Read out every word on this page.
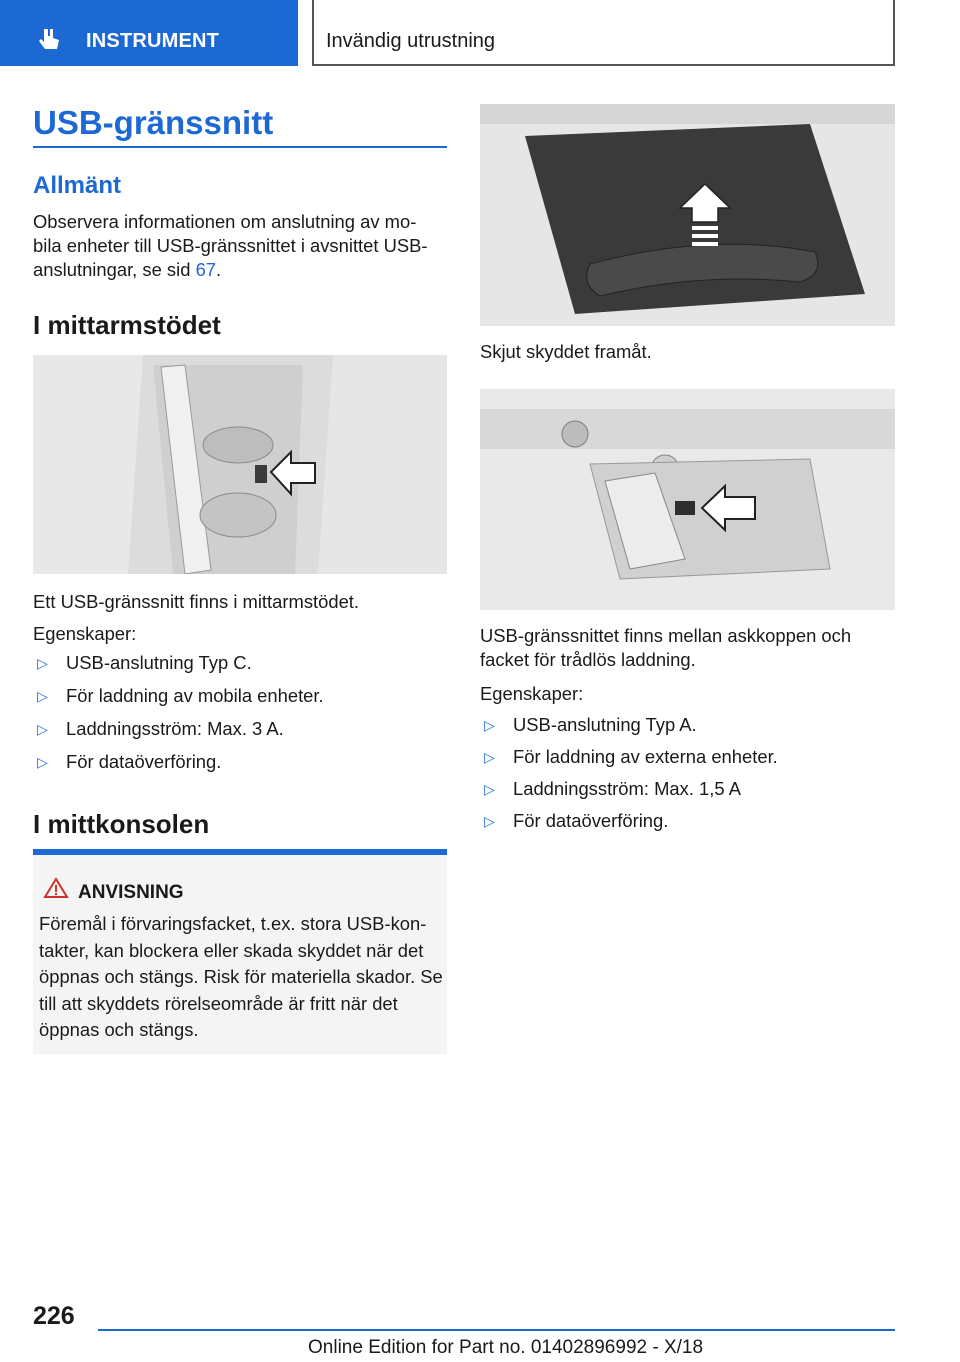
INSTRUMENT	Invändig utrustning
USB-gränssnitt
Allmänt
Observera informationen om anslutning av mo-
bila enheter till USB-gränssnittet i avsnittet USB-
anslutningar, se sid 67.
I mittarmstödet
Ett USB-gränssnitt finns i mittarmstödet.
Egenskaper:
▷ USB-anslutning Typ C.
▷ För laddning av mobila enheter.
▷ Laddningsström: Max. 3 A.
▷ För dataöverföring.
I mittkonsolen
ANVISNING
Föremål i förvaringsfacket, t.ex. stora USB-kon-takter, kan blockera eller skada skyddet när det öppnas och stängs. Risk för materiella skador. Se till att skyddets rörelseområde är fritt när det öppnas och stängs.
Skjut skyddet framåt.
USB-gränssnittet finns mellan askkoppen och
facket för trådlös laddning.
Egenskaper:
▷ USB-anslutning Typ A.
▷ För laddning av externa enheter.
▷ Laddningsström: Max. 1,5 A
▷ För dataöverföring.
226
Online Edition for Part no. 01402896992 - X/18
